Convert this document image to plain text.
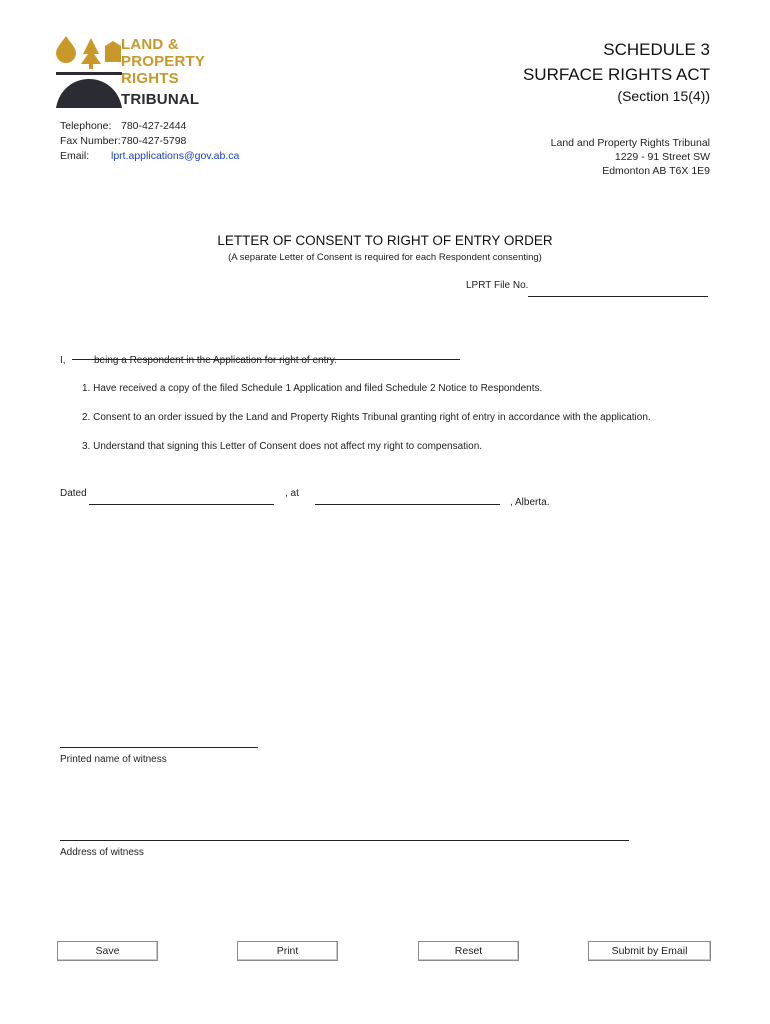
LAND &
PROPERTY
RIGHTS
TRIBUNAL
SCHEDULE 3
SURFACE RIGHTS ACT
(Section 15(4))
Telephone: 780-427-2444
Fax Number: 780-427-5798
Email: lprt.applications@gov.ab.ca
Land and Property Rights Tribunal
1229 - 91 Street SW
Edmonton AB T6X 1E9
LETTER OF CONSENT TO RIGHT OF ENTRY ORDER
(A separate Letter of Consent is required for each Respondent consenting)
LPRT File No.
I,	being a Respondent in the Application for right of entry.
1. Have received a copy of the filed Schedule 1 Application and filed Schedule 2 Notice to Respondents.
2. Consent to an order issued by the Land and Property Rights Tribunal granting right of entry in accordance with the application.
3. Understand that signing this Letter of Consent does not affect my right to compensation.
Dated	, at
, Alberta.
Printed name of witness
Address of witness
Save	Print	Reset	Submit by Email
